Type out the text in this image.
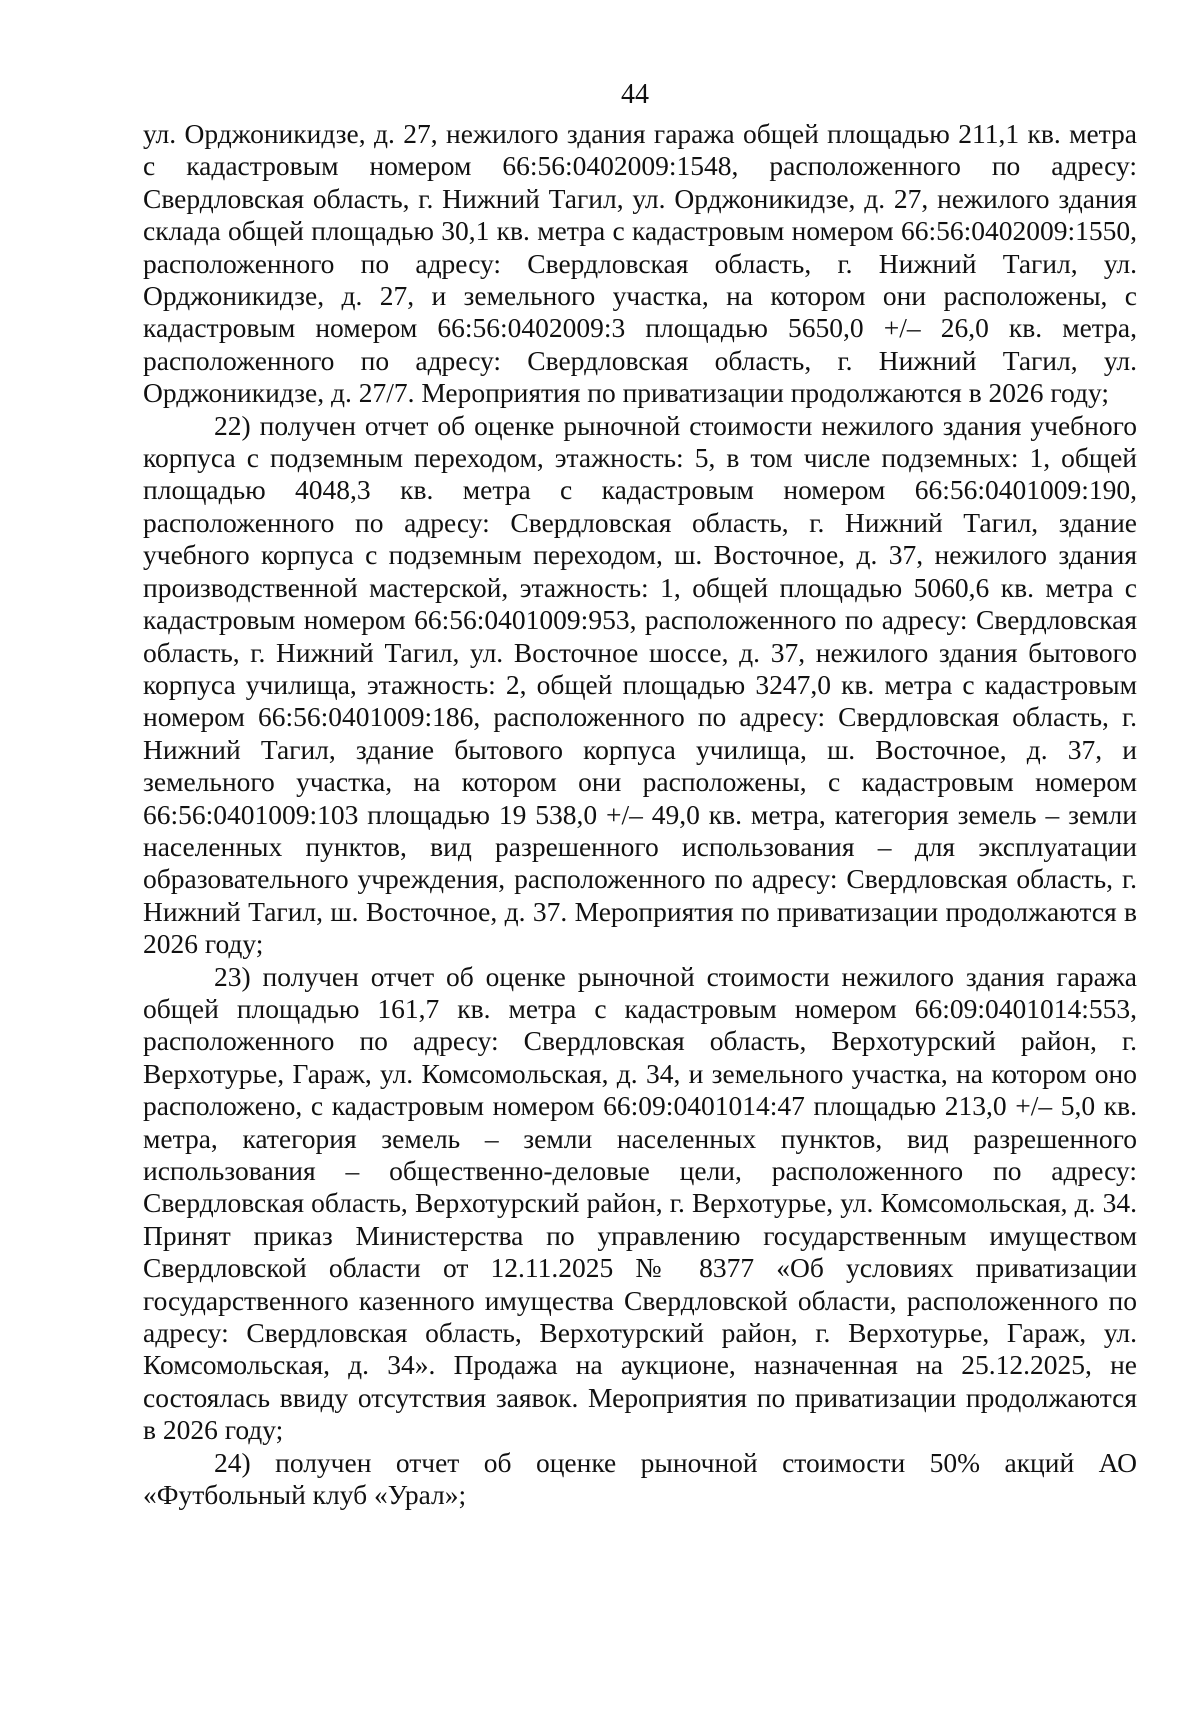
44

ул. Орджоникидзе, д. 27, нежилого здания гаража общей площадью 211,1 кв. метра с кадастровым номером 66:56:0402009:1548, расположенного по адресу: Свердловская область, г. Нижний Тагил, ул. Орджоникидзе, д. 27, нежилого здания склада общей площадью 30,1 кв. метра с кадастровым номером 66:56:0402009:1550, расположенного по адресу: Свердловская область, г. Нижний Тагил, ул. Орджоникидзе, д. 27, и земельного участка, на котором они расположены, с кадастровым номером 66:56:0402009:3 площадью 5650,0 +/– 26,0 кв. метра, расположенного по адресу: Свердловская область, г. Нижний Тагил, ул. Орджоникидзе, д. 27/7. Мероприятия по приватизации продолжаются в 2026 году;

22) получен отчет об оценке рыночной стоимости нежилого здания учебного корпуса с подземным переходом, этажность: 5, в том числе подземных: 1, общей площадью 4048,3 кв. метра с кадастровым номером 66:56:0401009:190, расположенного по адресу: Свердловская область, г. Нижний Тагил, здание учебного корпуса с подземным переходом, ш. Восточное, д. 37, нежилого здания производственной мастерской, этажность: 1, общей площадью 5060,6 кв. метра с кадастровым номером 66:56:0401009:953, расположенного по адресу: Свердловская область, г. Нижний Тагил, ул. Восточное шоссе, д. 37, нежилого здания бытового корпуса училища, этажность: 2, общей площадью 3247,0 кв. метра с кадастровым номером 66:56:0401009:186, расположенного по адресу: Свердловская область, г. Нижний Тагил, здание бытового корпуса училища, ш. Восточное, д. 37, и земельного участка, на котором они расположены, с кадастровым номером 66:56:0401009:103 площадью 19 538,0 +/– 49,0 кв. метра, категория земель – земли населенных пунктов, вид разрешенного использования – для эксплуатации образовательного учреждения, расположенного по адресу: Свердловская область, г. Нижний Тагил, ш. Восточное, д. 37. Мероприятия по приватизации продолжаются в 2026 году;

23) получен отчет об оценке рыночной стоимости нежилого здания гаража общей площадью 161,7 кв. метра с кадастровым номером 66:09:0401014:553, расположенного по адресу: Свердловская область, Верхотурский район, г. Верхотурье, Гараж, ул. Комсомольская, д. 34, и земельного участка, на котором оно расположено, с кадастровым номером 66:09:0401014:47 площадью 213,0 +/– 5,0 кв. метра, категория земель – земли населенных пунктов, вид разрешенного использования – общественно-деловые цели, расположенного по адресу: Свердловская область, Верхотурский район, г. Верхотурье, ул. Комсомольская, д. 34. Принят приказ Министерства по управлению государственным имуществом Свердловской области от 12.11.2025 № 8377 «Об условиях приватизации государственного казенного имущества Свердловской области, расположенного по адресу: Свердловская область, Верхотурский район, г. Верхотурье, Гараж, ул. Комсомольская, д. 34». Продажа на аукционе, назначенная на 25.12.2025, не состоялась ввиду отсутствия заявок. Мероприятия по приватизации продолжаются в 2026 году;

24) получен отчет об оценке рыночной стоимости 50% акций АО «Футбольный клуб «Урал»;
